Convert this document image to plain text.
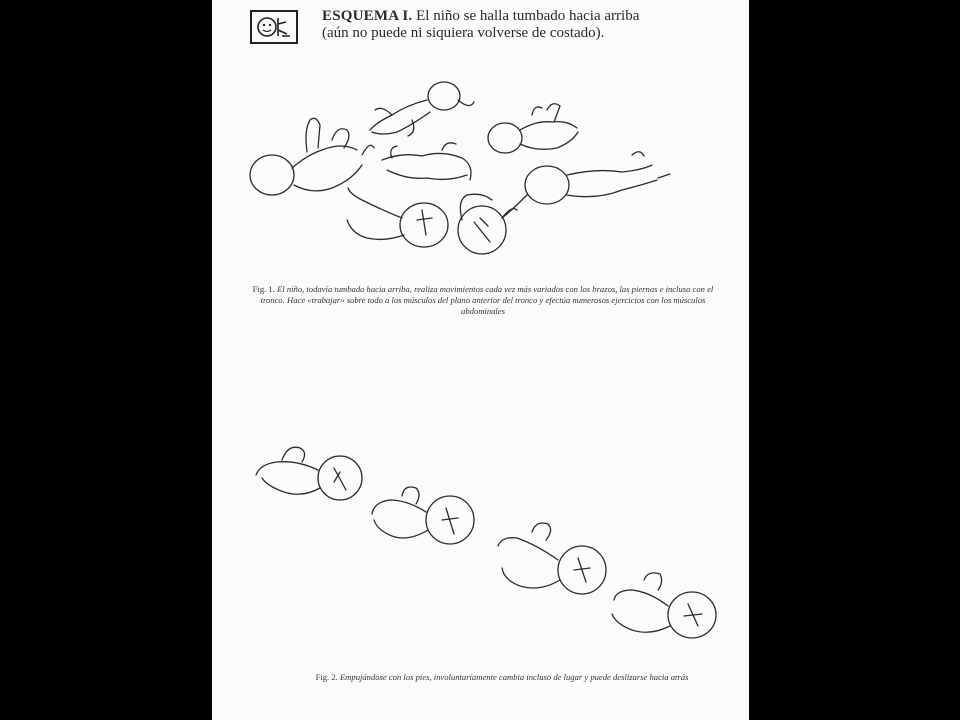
ESQUEMA I. El niño se halla tumbado hacia arriba
(aún no puede ni siquiera volverse de costado).
Fig. 1. El niño, todavía tumbado hacia arriba, realiza movimientos cada vez más variados con los brazos, las piernas e incluso con el tronco. Hace «trabajar» sobre todo a los músculos del plano anterior del tronco y efectúa numerosos ejercicios con los músculos abdominales
Fig. 2. Empujándose con los pies, involuntariamente cambia incluso de lugar y puede deslizarse hacia atrás
